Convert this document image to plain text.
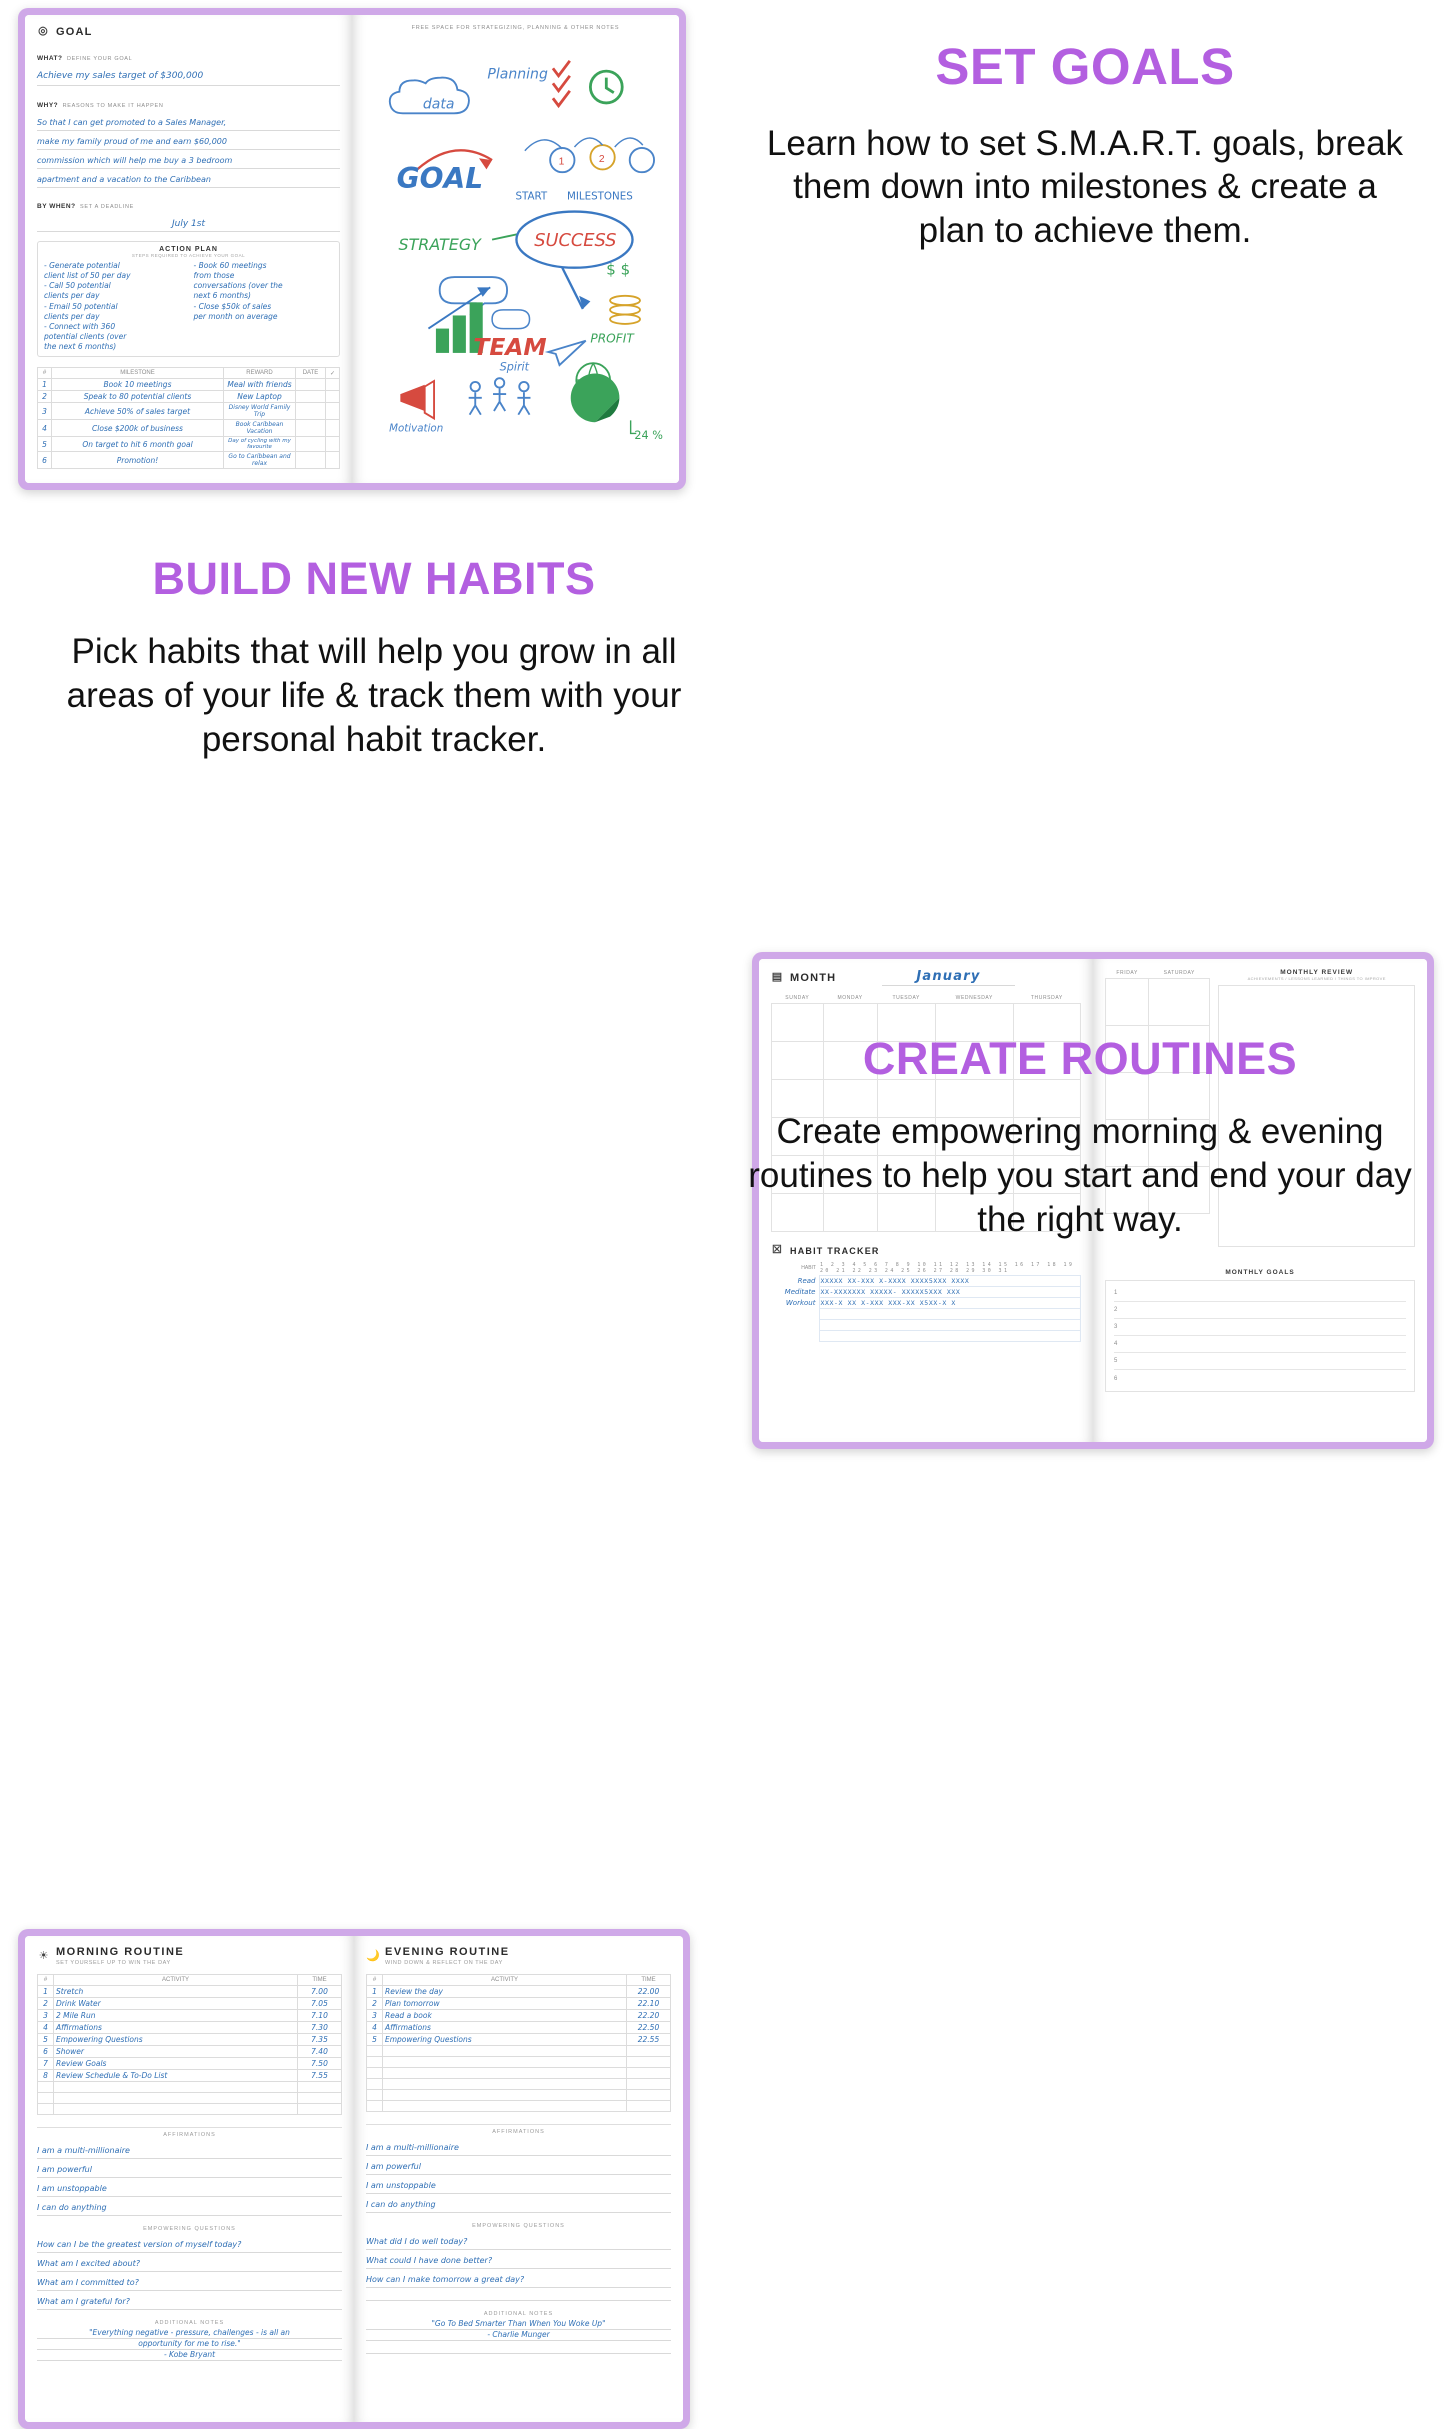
◎ GOAL
WHAT? DEFINE YOUR GOAL
Achieve my sales target of $300,000
WHY? REASONS TO MAKE IT HAPPEN
So that I can get promoted to a Sales Manager,
make my family proud of me and earn $60,000
commission which will help me buy a 3 bedroom
apartment and a vacation to the Caribbean
BY WHEN? SET A DEADLINE
July 1st
ACTION PLAN
STEPS REQUIRED TO ACHIEVE YOUR GOAL
- Generate potential
client list of 50 per day
- Call 50 potential
clients per day
- Email 50 potential
clients per day
- Connect with 360
potential clients (over
the next 6 months)
- Book 60 meetings
from those
conversations (over the
next 6 months)
- Close $50k of sales
per month on average
#	MILESTONE	REWARD	DATE	✓
1	Book 10 meetings	Meal with friends		
2	Speak to 80 potential clients	New Laptop		
3	Achieve 50% of sales target	Disney World Family Trip		
4	Close $200k of business	Book Caribbean Vacation		
5	On target to hit 6 month goal	Day of cycling with my favourite		
6	Promotion!	Go to Caribbean and relax		
FREE SPACE FOR STRATEGIZING, PLANNING & OTHER NOTES
data
Planning
GOAL	1	2
START MILESTONES
STRATEGY	SUCCESS
$ $
PROFIT
TEAM
Spirit
Motivation
24 %
SET GOALS
Learn how to set S.M.A.R.T. goals, break them down into milestones & create a plan to achieve them.
BUILD NEW HABITS
Pick habits that will help you grow in all areas of your life & track them with your personal habit tracker.
▤ MONTH	January
SUNDAY	MONDAY	TUESDAY	WEDNESDAY	THURSDAY

☒ HABIT TRACKER
HABIT	1 2 3 4 5 6 7 8 9 10 11 12 13 14 15 16 17 18 19 20 21 22 23 24 25 26 27 28 29 30 31
Read	XXXXX XX-XXX X-XXXX XXXX5XXX XXXX
Meditate	XX-XXXXXXX XXXXX- XXXXX5XXX XXX
Workout	XXX-X XX X-XXX XXX-XX X5XX-X X

FRIDAY	SATURDAY

		MONTHLY REVIEW
ACHIEVEMENTS / LESSONS LEARNED / THINGS TO IMPROVE
MONTHLY GOALS
1
2
3
4
5
6
☀ MORNING ROUTINE
SET YOURSELF UP TO WIN THE DAY
#	ACTIVITY	TIME
1	Stretch	7.00
2	Drink Water	7.05
3	2 Mile Run	7.10
4	Affirmations	7.30
5	Empowering Questions	7.35
6	Shower	7.40
7	Review Goals	7.50
8	Review Schedule & To-Do List	7.55

AFFIRMATIONS
I am a multi-millionaire
I am powerful
I am unstoppable
I can do anything
EMPOWERING QUESTIONS
How can I be the greatest version of myself today?
What am I excited about?
What am I committed to?
What am I grateful for?
ADDITIONAL NOTES
"Everything negative - pressure, challenges - is all an
opportunity for me to rise."
- Kobe Bryant
🌙 EVENING ROUTINE
WIND DOWN & REFLECT ON THE DAY
#	ACTIVITY	TIME
1	Review the day	22.00
2	Plan tomorrow	22.10
3	Read a book	22.20
4	Affirmations	22.50
5	Empowering Questions	22.55

AFFIRMATIONS
I am a multi-millionaire
I am powerful
I am unstoppable
I can do anything
EMPOWERING QUESTIONS
What did I do well today?
What could I have done better?
How can I make tomorrow a great day?
ADDITIONAL NOTES
"Go To Bed Smarter Than When You Woke Up"
- Charlie Munger
CREATE ROUTINES
Create empowering morning & evening routines to help you start and end your day the right way.
